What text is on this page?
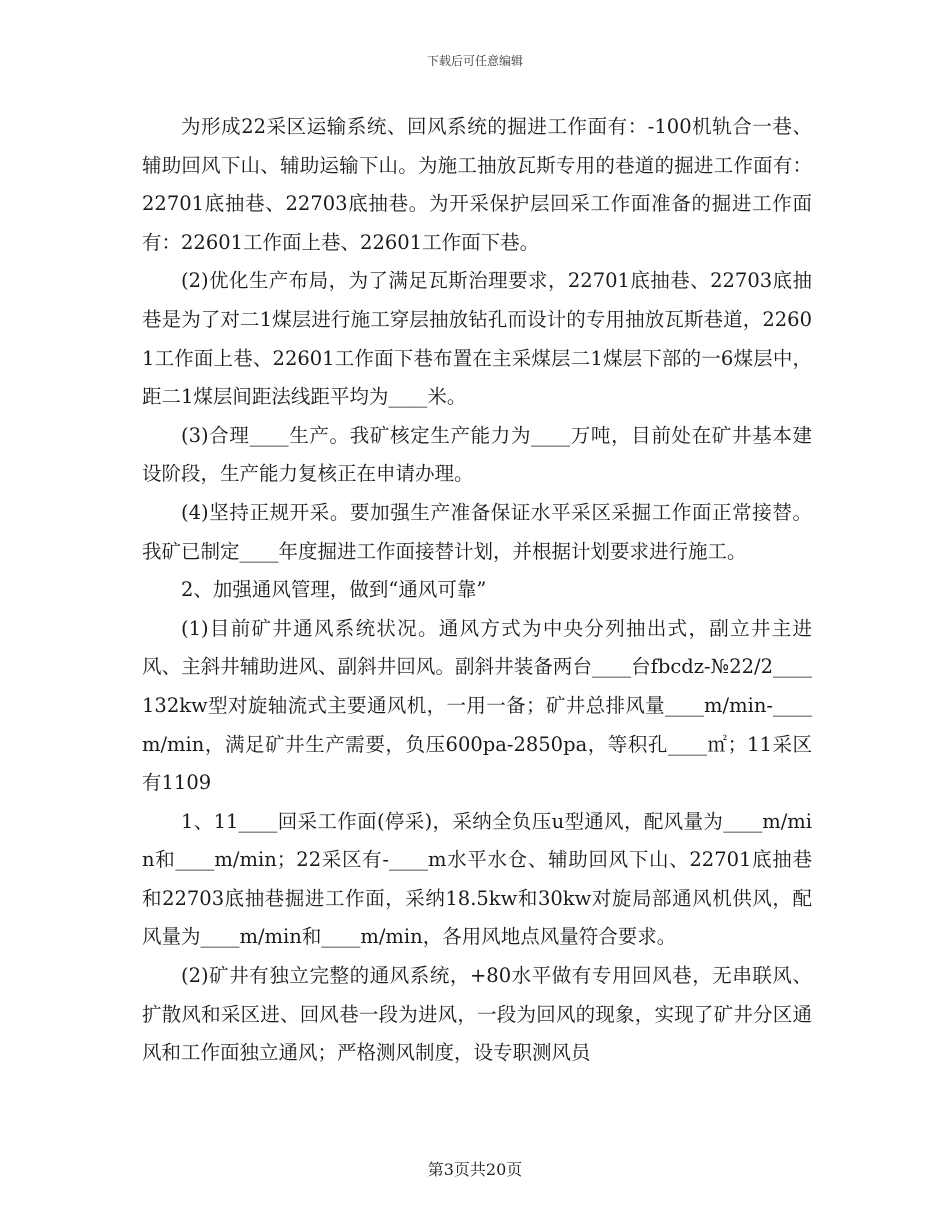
下载后可任意编辑

为形成22采区运输系统、回风系统的掘进工作面有：-100机轨合一巷、辅助回风下山、辅助运输下山。为施工抽放瓦斯专用的巷道的掘进工作面有：22701底抽巷、22703底抽巷。为开采保护层回采工作面准备的掘进工作面有：22601工作面上巷、22601工作面下巷。

(2)优化生产布局，为了满足瓦斯治理要求，22701底抽巷、22703底抽巷是为了对二1煤层进行施工穿层抽放钻孔而设计的专用抽放瓦斯巷道，22601工作面上巷、22601工作面下巷布置在主采煤层二1煤层下部的一6煤层中，距二1煤层间距法线距平均为____米。

(3)合理____生产。我矿核定生产能力为____万吨，目前处在矿井基本建设阶段，生产能力复核正在申请办理。

(4)坚持正规开采。要加强生产准备保证水平采区采掘工作面正常接替。我矿已制定____年度掘进工作面接替计划，并根据计划要求进行施工。

2、加强通风管理，做到“通风可靠”

(1)目前矿井通风系统状况。通风方式为中央分列抽出式，副立井主进风、主斜井辅助进风、副斜井回风。副斜井装备两台____台fbcdz-№22/2____132kw型对旋轴流式主要通风机，一用一备；矿井总排风量____m/min-____m/min，满足矿井生产需要，负压600pa-2850pa，等积孔____㎡；11采区有1109

1、11____回采工作面(停采)，采纳全负压u型通风，配风量为____m/min和____m/min；22采区有-____m水平水仓、辅助回风下山、22701底抽巷和22703底抽巷掘进工作面，采纳18.5kw和30kw对旋局部通风机供风，配风量为____m/min和____m/min，各用风地点风量符合要求。

(2)矿井有独立完整的通风系统，+80水平做有专用回风巷，无串联风、扩散风和采区进、回风巷一段为进风，一段为回风的现象，实现了矿井分区通风和工作面独立通风；严格测风制度，设专职测风员

第3页共20页
